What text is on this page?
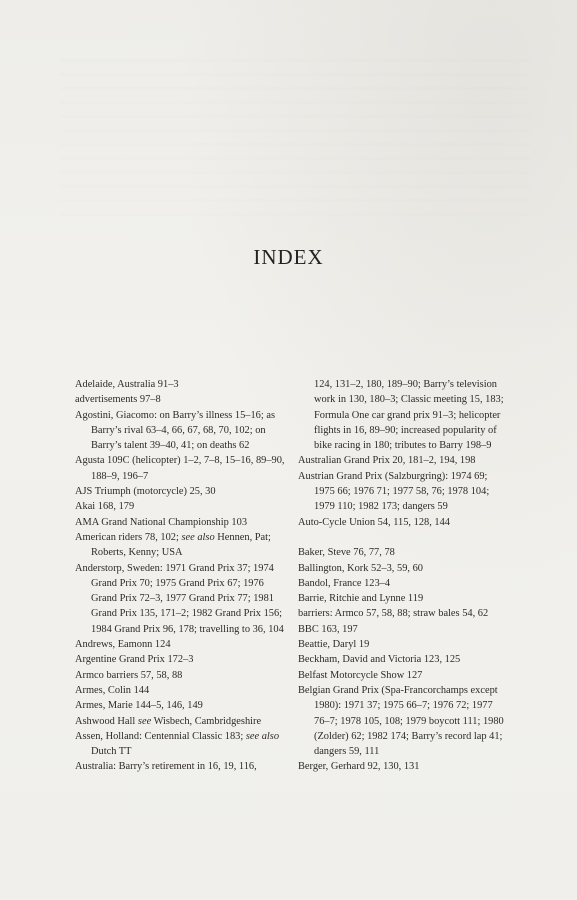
INDEX
Adelaide, Australia 91–3
advertisements 97–8
Agostini, Giacomo: on Barry’s illness 15–16; as Barry’s rival 63–4, 66, 67, 68, 70, 102; on Barry’s talent 39–40, 41; on deaths 62
Agusta 109C (helicopter) 1–2, 7–8, 15–16, 89–90, 188–9, 196–7
AJS Triumph (motorcycle) 25, 30
Akai 168, 179
AMA Grand National Championship 103
American riders 78, 102; see also Hennen, Pat; Roberts, Kenny; USA
Anderstorp, Sweden: 1971 Grand Prix 37; 1974 Grand Prix 70; 1975 Grand Prix 67; 1976 Grand Prix 72–3, 1977 Grand Prix 77; 1981 Grand Prix 135, 171–2; 1982 Grand Prix 156; 1984 Grand Prix 96, 178; travelling to 36, 104
Andrews, Eamonn 124
Argentine Grand Prix 172–3
Armco barriers 57, 58, 88
Armes, Colin 144
Armes, Marie 144–5, 146, 149
Ashwood Hall see Wisbech, Cambridgeshire
Assen, Holland: Centennial Classic 183; see also Dutch TT
Australia: Barry’s retirement in 16, 19, 116,
124, 131–2, 180, 189–90; Barry’s television work in 130, 180–3; Classic meeting 15, 183; Formula One car grand prix 91–3; helicopter flights in 16, 89–90; increased popularity of bike racing in 180; tributes to Barry 198–9
Australian Grand Prix 20, 181–2, 194, 198
Austrian Grand Prix (Salzburgring): 1974 69; 1975 66; 1976 71; 1977 58, 76; 1978 104; 1979 110; 1982 173; dangers 59
Auto-Cycle Union 54, 115, 128, 144
Baker, Steve 76, 77, 78
Ballington, Kork 52–3, 59, 60
Bandol, France 123–4
Barrie, Ritchie and Lynne 119
barriers: Armco 57, 58, 88; straw bales 54, 62
BBC 163, 197
Beattie, Daryl 19
Beckham, David and Victoria 123, 125
Belfast Motorcycle Show 127
Belgian Grand Prix (Spa-Francorchamps except 1980): 1971 37; 1975 66–7; 1976 72; 1977 76–7; 1978 105, 108; 1979 boycott 111; 1980 (Zolder) 62; 1982 174; Barry’s record lap 41; dangers 59, 111
Berger, Gerhard 92, 130, 131
